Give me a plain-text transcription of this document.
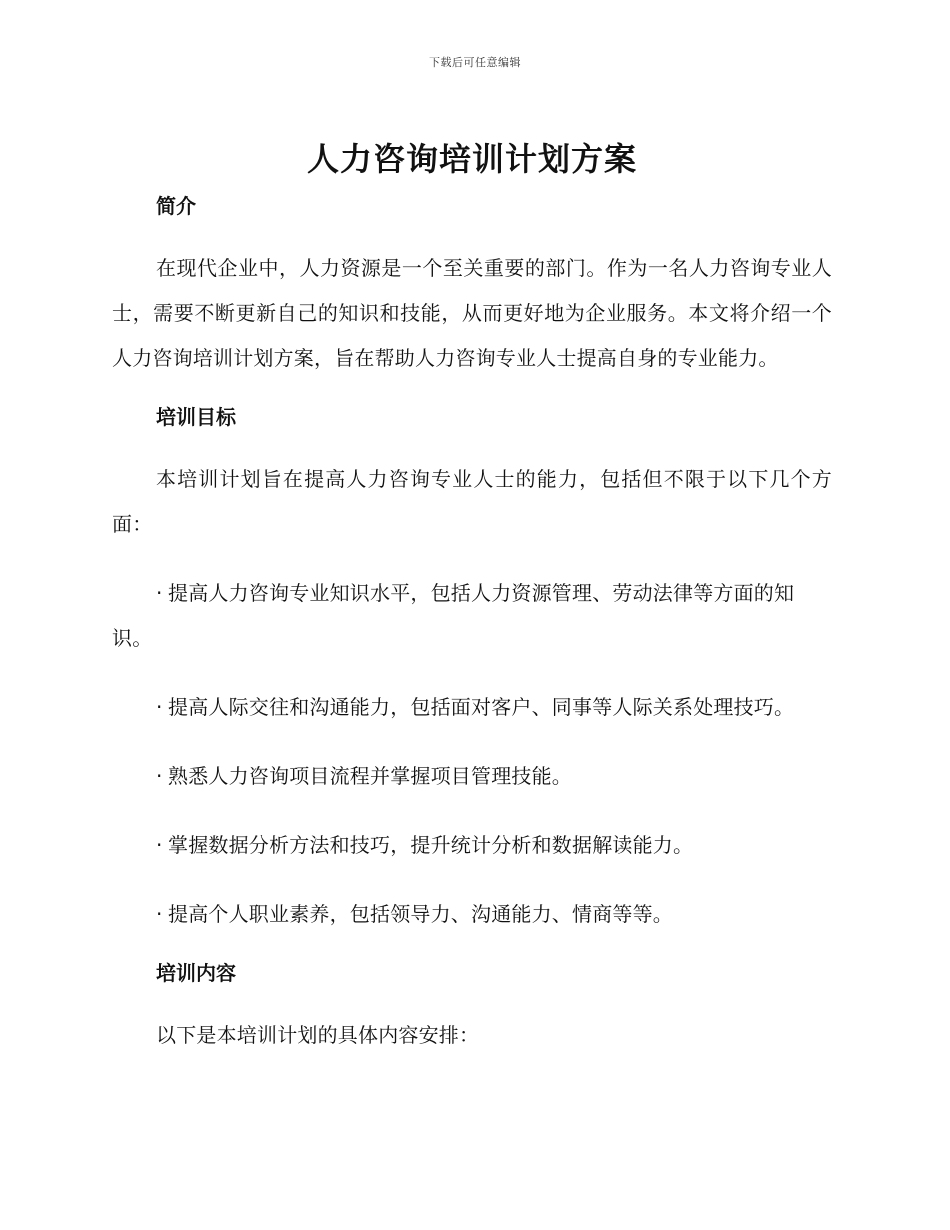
下载后可任意编辑
人力咨询培训计划方案
简介

在现代企业中，人力资源是一个至关重要的部门。作为一名人力咨询专业人士，需要不断更新自己的知识和技能，从而更好地为企业服务。本文将介绍一个人力咨询培训计划方案，旨在帮助人力咨询专业人士提高自身的专业能力。

培训目标

本培训计划旨在提高人力咨询专业人士的能力，包括但不限于以下几个方面：

· 提高人力咨询专业知识水平，包括人力资源管理、劳动法律等方面的知识。

· 提高人际交往和沟通能力，包括面对客户、同事等人际关系处理技巧。

· 熟悉人力咨询项目流程并掌握项目管理技能。

· 掌握数据分析方法和技巧，提升统计分析和数据解读能力。

· 提高个人职业素养，包括领导力、沟通能力、情商等等。

培训内容

以下是本培训计划的具体内容安排：
